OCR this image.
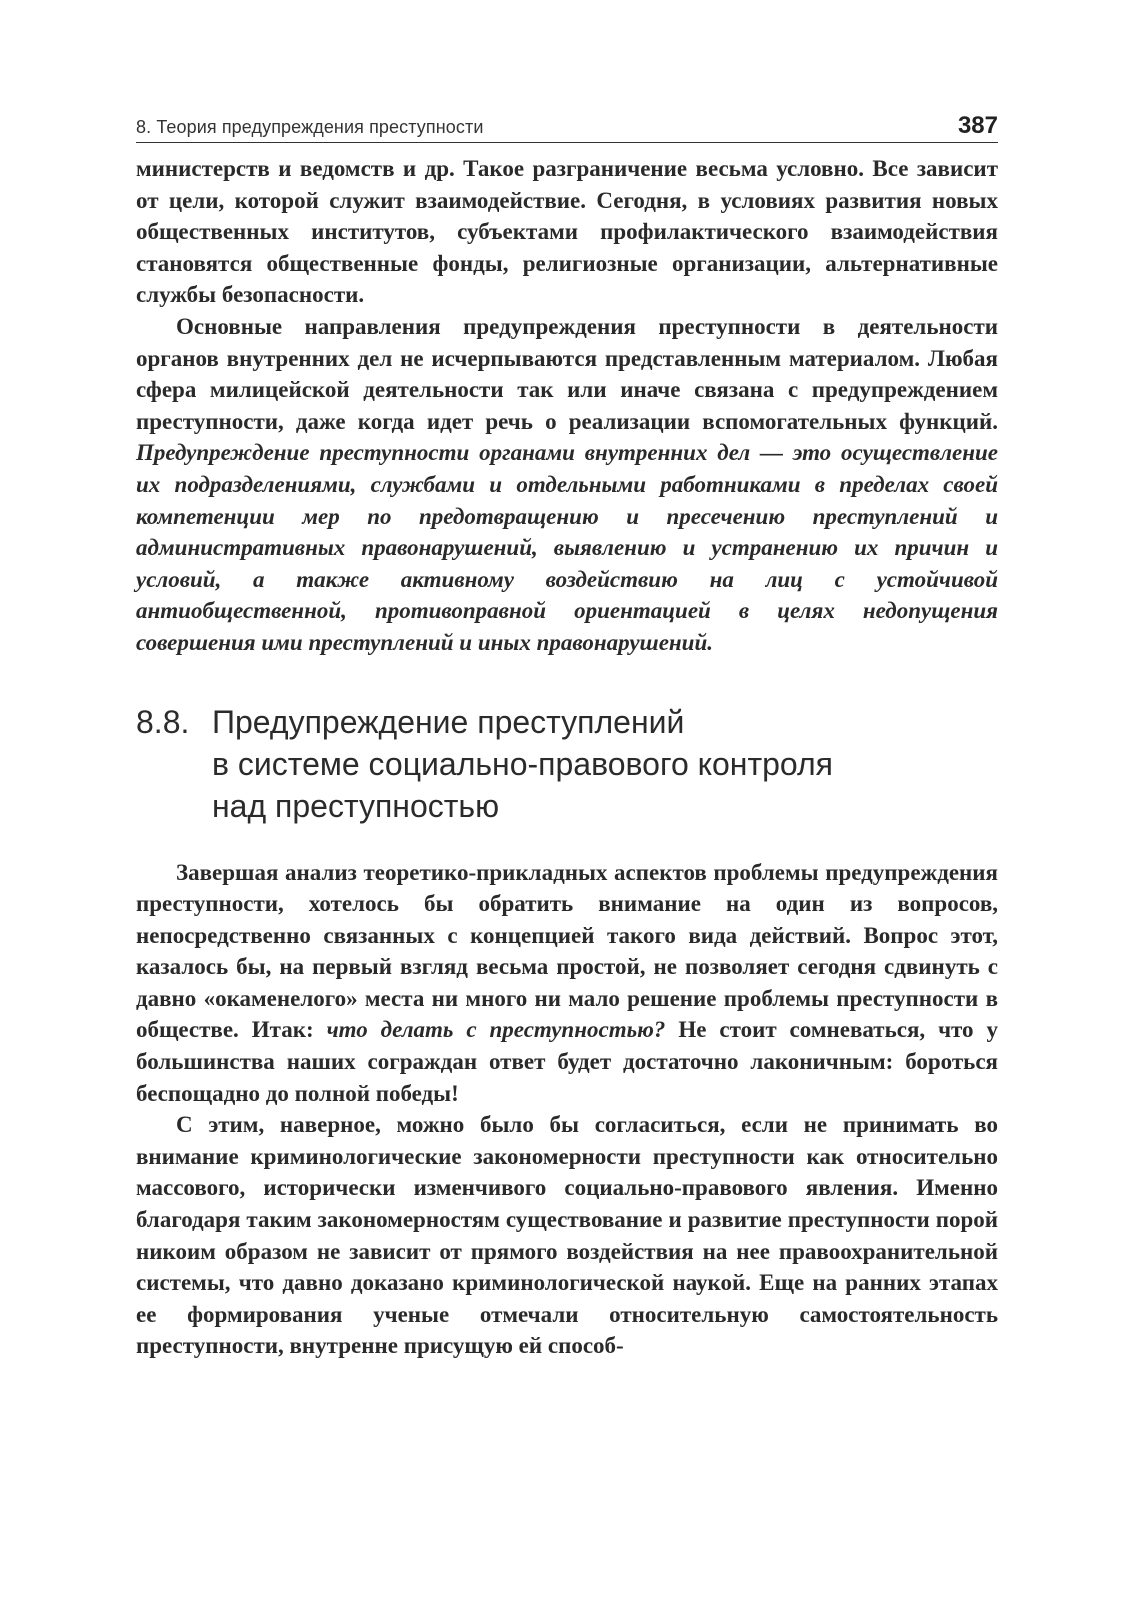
8. Теория предупреждения преступности	387

министерств и ведомств и др. Такое разграничение весьма условно. Все зависит от цели, которой служит взаимодействие. Сегодня, в условиях развития новых общественных институтов, субъектами профилактического взаимодействия становятся общественные фонды, религиозные организации, альтернативные службы безопасности.

Основные направления предупреждения преступности в деятельности органов внутренних дел не исчерпываются представленным материалом. Любая сфера милицейской деятельности так или иначе связана с предупреждением преступности, даже когда идет речь о реализации вспомогательных функций. Предупреждение преступности органами внутренних дел — это осуществление их подразделениями, службами и отдельными работниками в пределах своей компетенции мер по предотвращению и пресечению преступлений и административных правонарушений, выявлению и устранению их причин и условий, а также активному воздействию на лиц с устойчивой антиобщественной, противоправной ориентацией в целях недопущения совершения ими преступлений и иных правонарушений.

8.8. Предупреждение преступлений
в системе социально-правового контроля
над преступностью

Завершая анализ теоретико-прикладных аспектов проблемы предупреждения преступности, хотелось бы обратить внимание на один из вопросов, непосредственно связанных с концепцией такого вида действий. Вопрос этот, казалось бы, на первый взгляд весьма простой, не позволяет сегодня сдвинуть с давно «окаменелого» места ни много ни мало решение проблемы преступности в обществе. Итак: что делать с преступностью? Не стоит сомневаться, что у большинства наших сограждан ответ будет достаточно лаконичным: бороться беспощадно до полной победы!

С этим, наверное, можно было бы согласиться, если не принимать во внимание криминологические закономерности преступности как относительно массового, исторически изменчивого социально-правового явления. Именно благодаря таким закономерностям существование и развитие преступности порой никоим образом не зависит от прямого воздействия на нее правоохранительной системы, что давно доказано криминологической наукой. Еще на ранних этапах ее формирования ученые отмечали относительную самостоятельность преступности, внутренне присущую ей способ-
